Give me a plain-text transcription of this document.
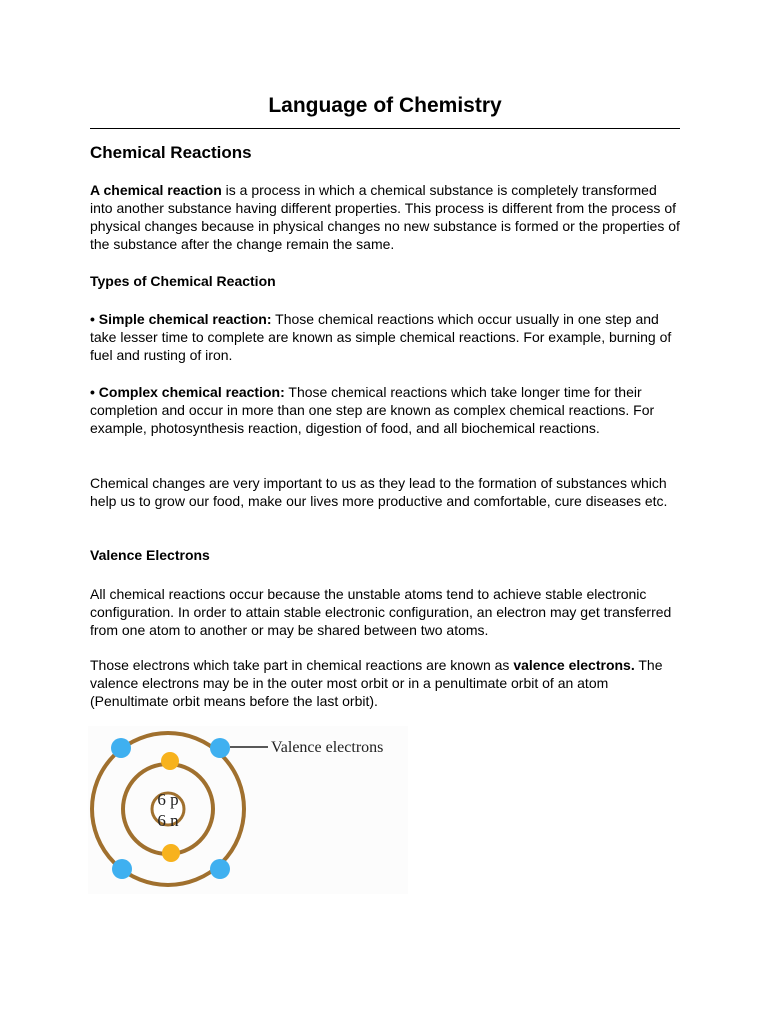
Language of Chemistry
Chemical Reactions

A chemical reaction is a process in which a chemical substance is completely transformed into another substance having different properties. This process is different from the process of physical changes because in physical changes no new substance is formed or the properties of the substance after the change remain the same.

Types of Chemical Reaction

• Simple chemical reaction: Those chemical reactions which occur usually in one step and take lesser time to complete are known as simple chemical reactions. For example, burning of fuel and rusting of iron.

• Complex chemical reaction: Those chemical reactions which take longer time for their completion and occur in more than one step are known as complex chemical reactions. For example, photosynthesis reaction, digestion of food, and all biochemical reactions.

Chemical changes are very important to us as they lead to the formation of substances which help us to grow our food, make our lives more productive and comfortable, cure diseases etc.

Valence Electrons

All chemical reactions occur because the unstable atoms tend to achieve stable electronic configuration. In order to attain stable electronic configuration, an electron may get transferred from one atom to another or may be shared between two atoms.

Those electrons which take part in chemical reactions are known as valence electrons. The valence electrons may be in the outer most orbit or in a penultimate orbit of an atom (Penultimate orbit means before the last orbit).

6 p
6 n
Valence electrons
